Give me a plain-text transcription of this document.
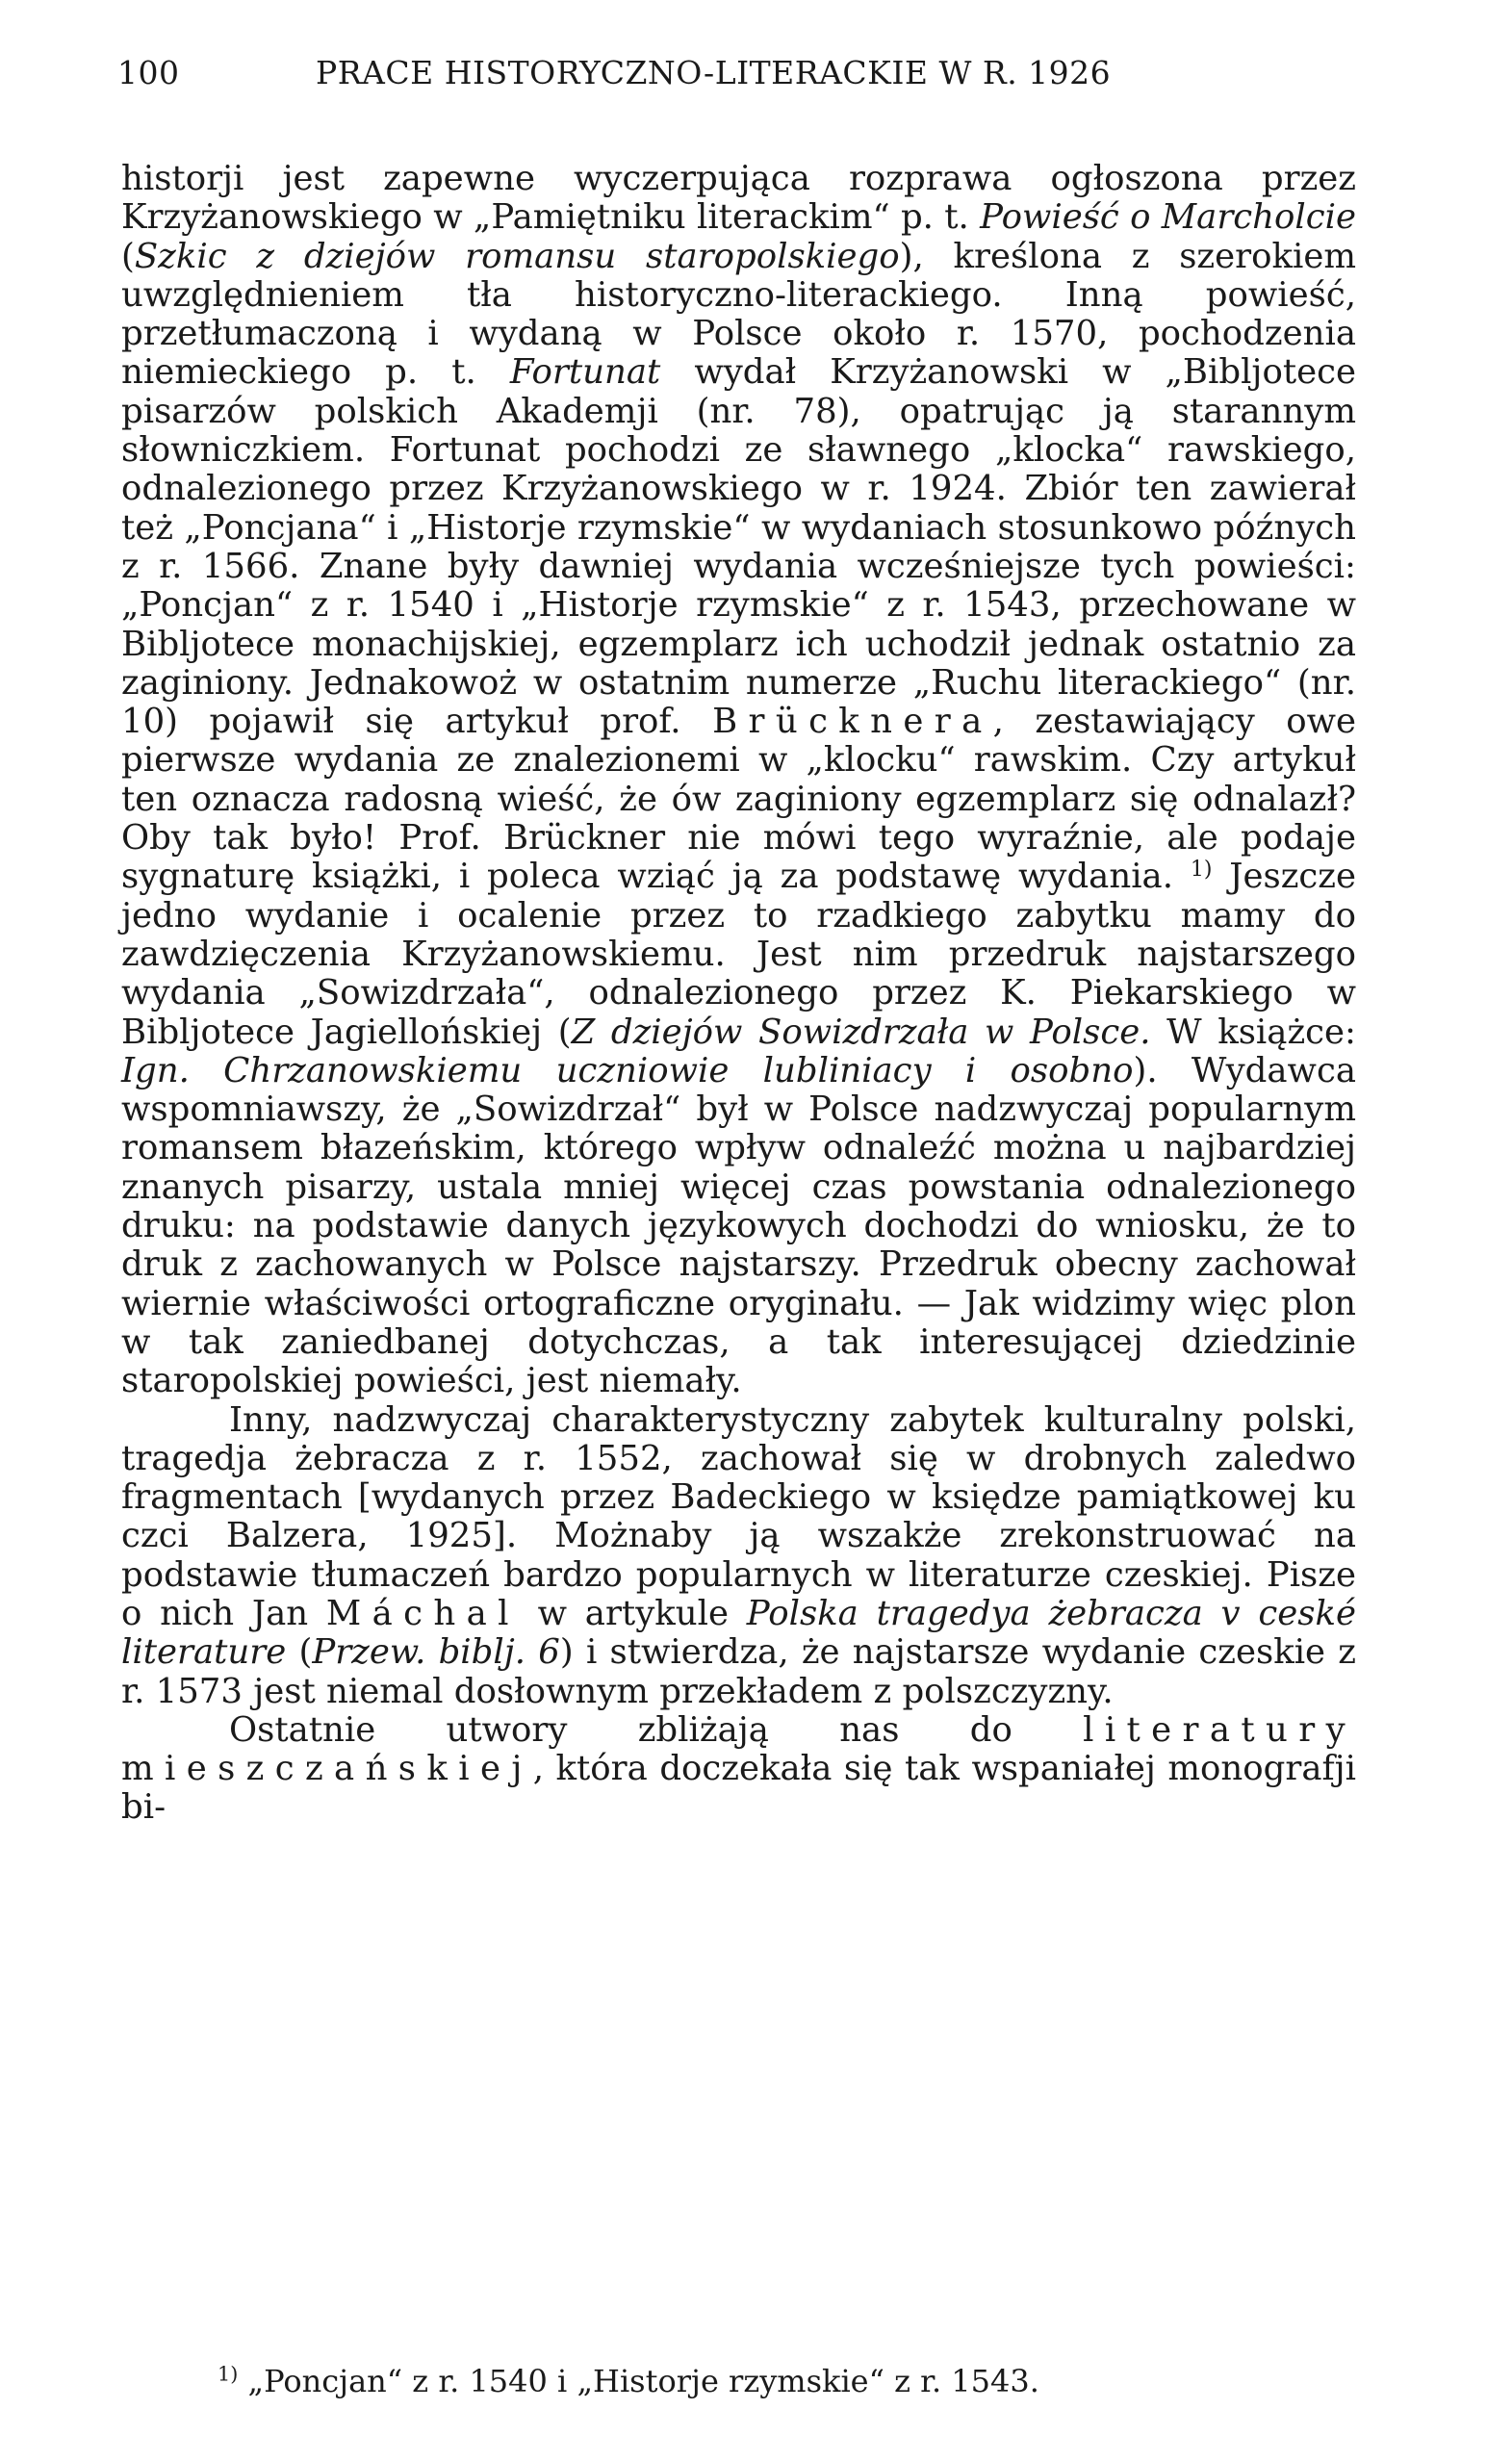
100	PRACE HISTORYCZNO-LITERACKIE W R. 1926

historji jest zapewne wyczerpująca rozprawa ogłoszona przez Krzyżanowskiego w „Pamiętniku literackim“ p. t. Powieść o Marcholcie (Szkic z dziejów romansu staropolskiego), kreślona z szerokiem uwzględnieniem tła historyczno-literackiego. Inną powieść, przetłumaczoną i wydaną w Polsce około r. 1570, pochodzenia niemieckiego p. t. Fortunat wydał Krzyżanowski w „Bibljotece pisarzów polskich Akademji (nr. 78), opatrując ją starannym słowniczkiem. Fortunat pochodzi ze sławnego „klocka“ rawskiego, odnalezionego przez Krzyżanowskiego w r. 1924. Zbiór ten zawierał też „Poncjana“ i „Historje rzymskie“ w wydaniach stosunkowo późnych z r. 1566. Znane były dawniej wydania wcześniejsze tych powieści: „Poncjan“ z r. 1540 i „Historje rzymskie“ z r. 1543, przechowane w Bibljotece monachijskiej, egzemplarz ich uchodził jednak ostatnio za zaginiony. Jednakowoż w ostatnim numerze „Ruchu literackiego“ (nr. 10) pojawił się artykuł prof. Brücknera, zestawiający owe pierwsze wydania ze znalezionemi w „klocku“ rawskim. Czy artykuł ten oznacza radosną wieść, że ów zaginiony egzemplarz się odnalazł? Oby tak było! Prof. Brückner nie mówi tego wyraźnie, ale podaje sygnaturę książki, i poleca wziąć ją za podstawę wydania. $^{1)}$ Jeszcze jedno wydanie i ocalenie przez to rzadkiego zabytku mamy do zawdzięczenia Krzyżanowskiemu. Jest nim przedruk najstarszego wydania „Sowizdrzała“, odnalezionego przez K. Piekarskiego w Bibljotece Jagiellońskiej (Z dziejów Sowizdrzała w Polsce. W książce: Ign. Chrzanowskiemu uczniowie lubliniacy i osobno). Wydawca wspomniawszy, że „Sowizdrzał“ był w Polsce nadzwyczaj popularnym romansem błazeńskim, którego wpływ odnaleźć można u najbardziej znanych pisarzy, ustala mniej więcej czas powstania odnalezionego druku: na podstawie danych językowych dochodzi do wniosku, że to druk z zachowanych w Polsce najstarszy. Przedruk obecny zachował wiernie właściwości ortograficzne oryginału. — Jak widzimy więc plon w tak zaniedbanej dotychczas, a tak interesującej dziedzinie staropolskiej powieści, jest niemały.

Inny, nadzwyczaj charakterystyczny zabytek kulturalny polski, tragedja żebracza z r. 1552, zachował się w drobnych zaledwo fragmentach [wydanych przez Badeckiego w księdze pamiątkowej ku czci Balzera, 1925]. Możnaby ją wszakże zrekonstruować na podstawie tłumaczeń bardzo popularnych w literaturze czeskiej. Pisze o nich Jan Máchal w artykule Polska tragedya żebracza v ceské literature (Przew. biblj. 6) i stwierdza, że najstarsze wydanie czeskie z r. 1573 jest niemal dosłownym przekładem z polszczyzny.

Ostatnie utwory zbliżają nas do literatury mieszczańskiej, która doczekała się tak wspaniałej monografji bi-

$^{1)}$ „Poncjan“ z r. 1540 i „Historje rzymskie“ z r. 1543.
